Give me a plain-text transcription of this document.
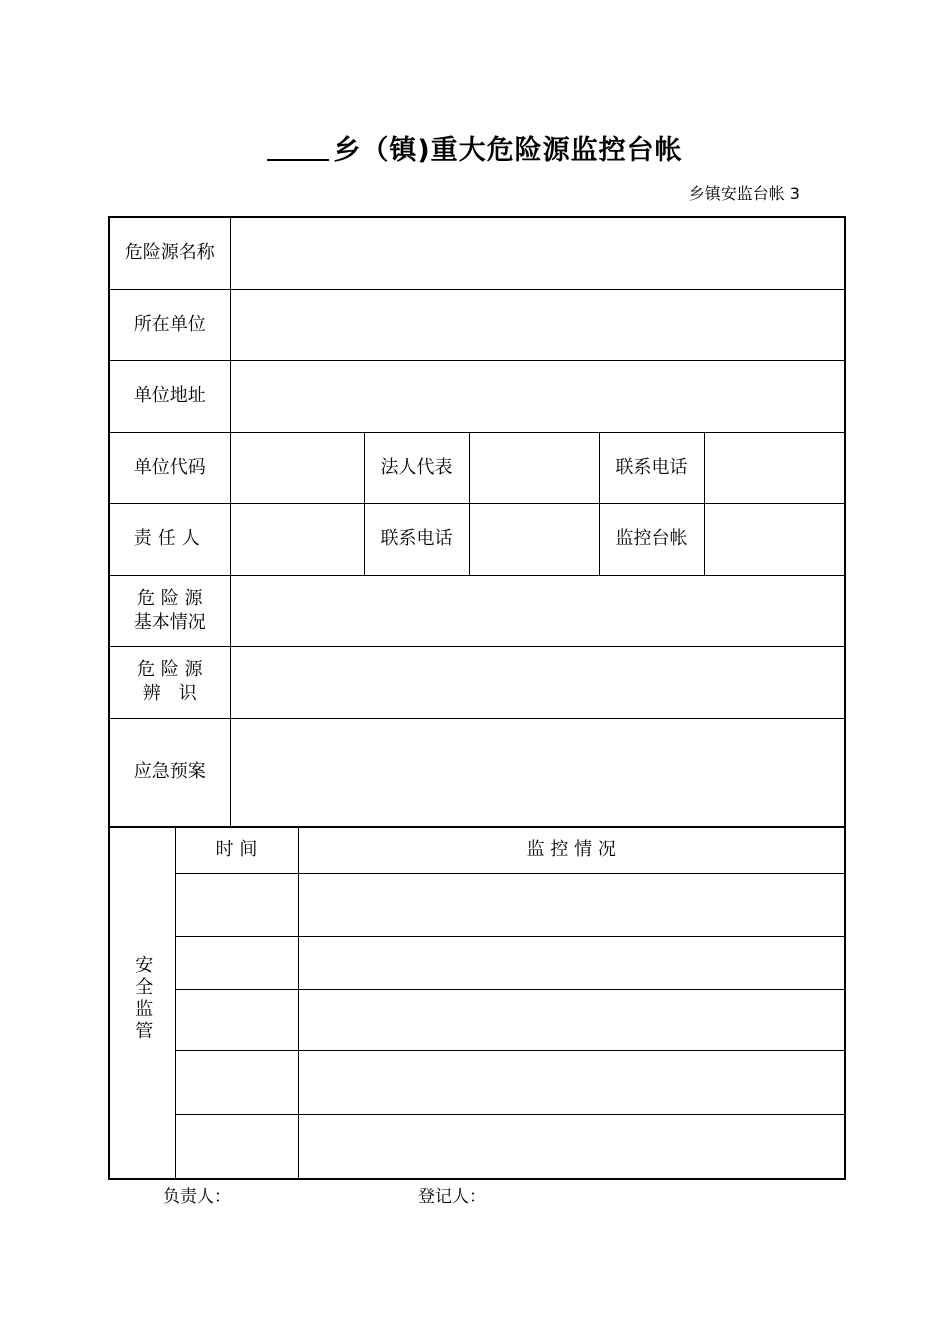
乡（镇)重大危险源监控台帐
乡镇安监台帐 3
危险源名称					
所在单位					
单位地址					
单位代码		法人代表		联系电话	
责任人		联系电话		监控台帐	

危 险 源
基本情况					

危 险 源
辨　识					

应急预案					
安全监管	时 间	监 控 情 况

负责人：	登记人：
